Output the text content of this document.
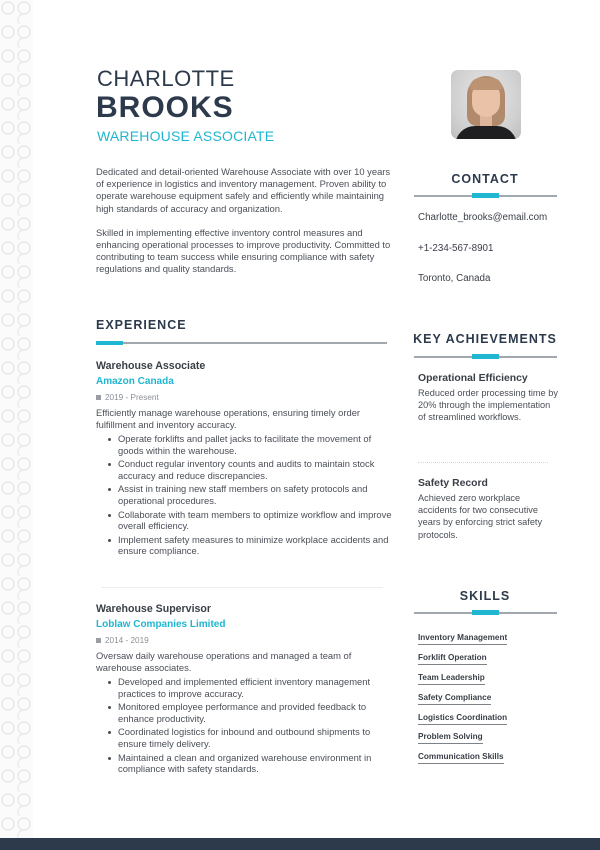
CHARLOTTE
BROOKS
WAREHOUSE ASSOCIATE

Dedicated and detail-oriented Warehouse Associate with over 10 years of experience in logistics and inventory management. Proven ability to operate warehouse equipment safely and efficiently while maintaining high standards of accuracy and organization.

Skilled in implementing effective inventory control measures and enhancing operational processes to improve productivity. Committed to contributing to team success while ensuring compliance with safety regulations and quality standards.

EXPERIENCE
Warehouse Associate
Amazon Canada
2019 - Present
Efficiently manage warehouse operations, ensuring timely order fulfillment and inventory accuracy.
Operate forklifts and pallet jacks to facilitate the movement of goods within the warehouse.
Conduct regular inventory counts and audits to maintain stock accuracy and reduce discrepancies.
Assist in training new staff members on safety protocols and operational procedures.
Collaborate with team members to optimize workflow and improve overall efficiency.
Implement safety measures to minimize workplace accidents and ensure compliance.
Warehouse Supervisor
Loblaw Companies Limited
2014 - 2019
Oversaw daily warehouse operations and managed a team of warehouse associates.
Developed and implemented efficient inventory management practices to improve accuracy.
Monitored employee performance and provided feedback to enhance productivity.
Coordinated logistics for inbound and outbound shipments to ensure timely delivery.
Maintained a clean and organized warehouse environment in compliance with safety standards.
CONTACT
Charlotte_brooks@email.com
+1-234-567-8901
Toronto, Canada
KEY ACHIEVEMENTS
Operational Efficiency
Reduced order processing time by 20% through the implementation of streamlined workflows.
Safety Record
Achieved zero workplace accidents for two consecutive years by enforcing strict safety protocols.
SKILLS
Inventory Management
Forklift Operation
Team Leadership
Safety Compliance
Logistics Coordination
Problem Solving
Communication Skills
